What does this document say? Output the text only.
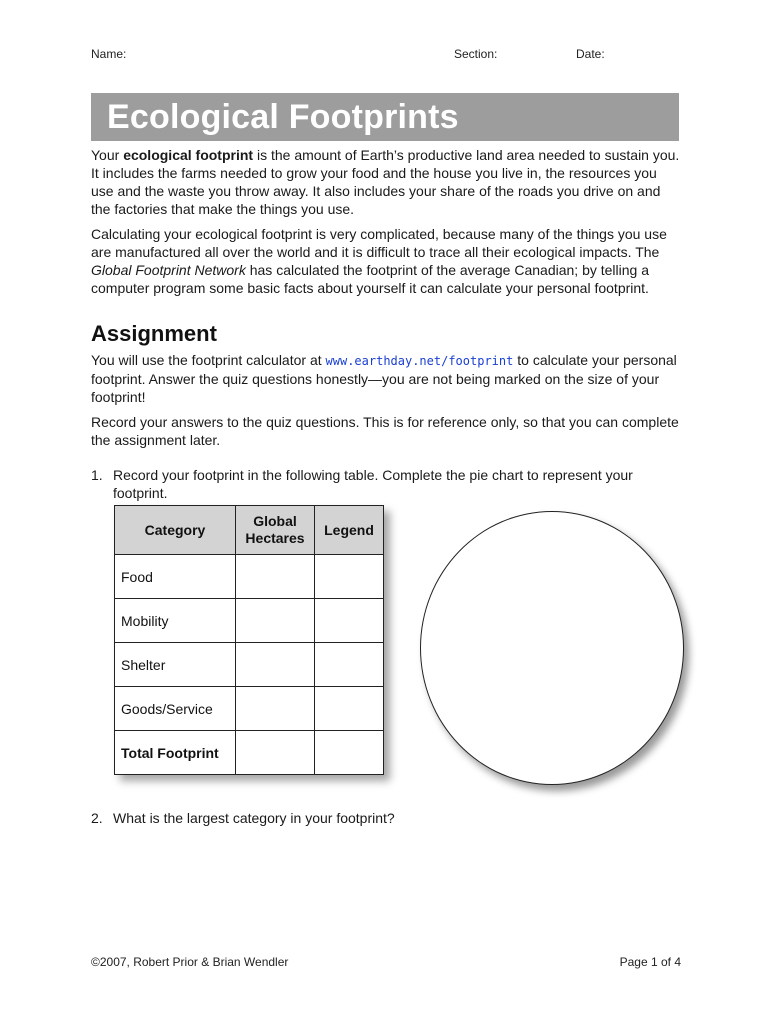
Name:	Section:	Date:
Ecological Footprints

Your ecological footprint is the amount of Earth’s productive land area needed to sustain you. It includes the farms needed to grow your food and the house you live in, the resources you use and the waste you throw away. It also includes your share of the roads you drive on and the factories that make the things you use.

Calculating your ecological footprint is very complicated, because many of the things you use are manufactured all over the world and it is difficult to trace all their ecological impacts. The Global Footprint Network has calculated the footprint of the average Canadian; by telling a computer program some basic facts about yourself it can calculate your personal footprint.

Assignment

You will use the footprint calculator at www.earthday.net/footprint to calculate your personal footprint. Answer the quiz questions honestly—you are not being marked on the size of your footprint!

Record your answers to the quiz questions. This is for reference only, so that you can complete the assignment later.

1. Record your footprint in the following table. Complete the pie chart to represent your footprint.
Category	Global Hectares	Legend
Food		
Mobility		
Shelter		
Goods/Service		
Total Footprint		
2. What is the largest category in your footprint?
©2007, Robert Prior & Brian Wendler	Page 1 of 4
